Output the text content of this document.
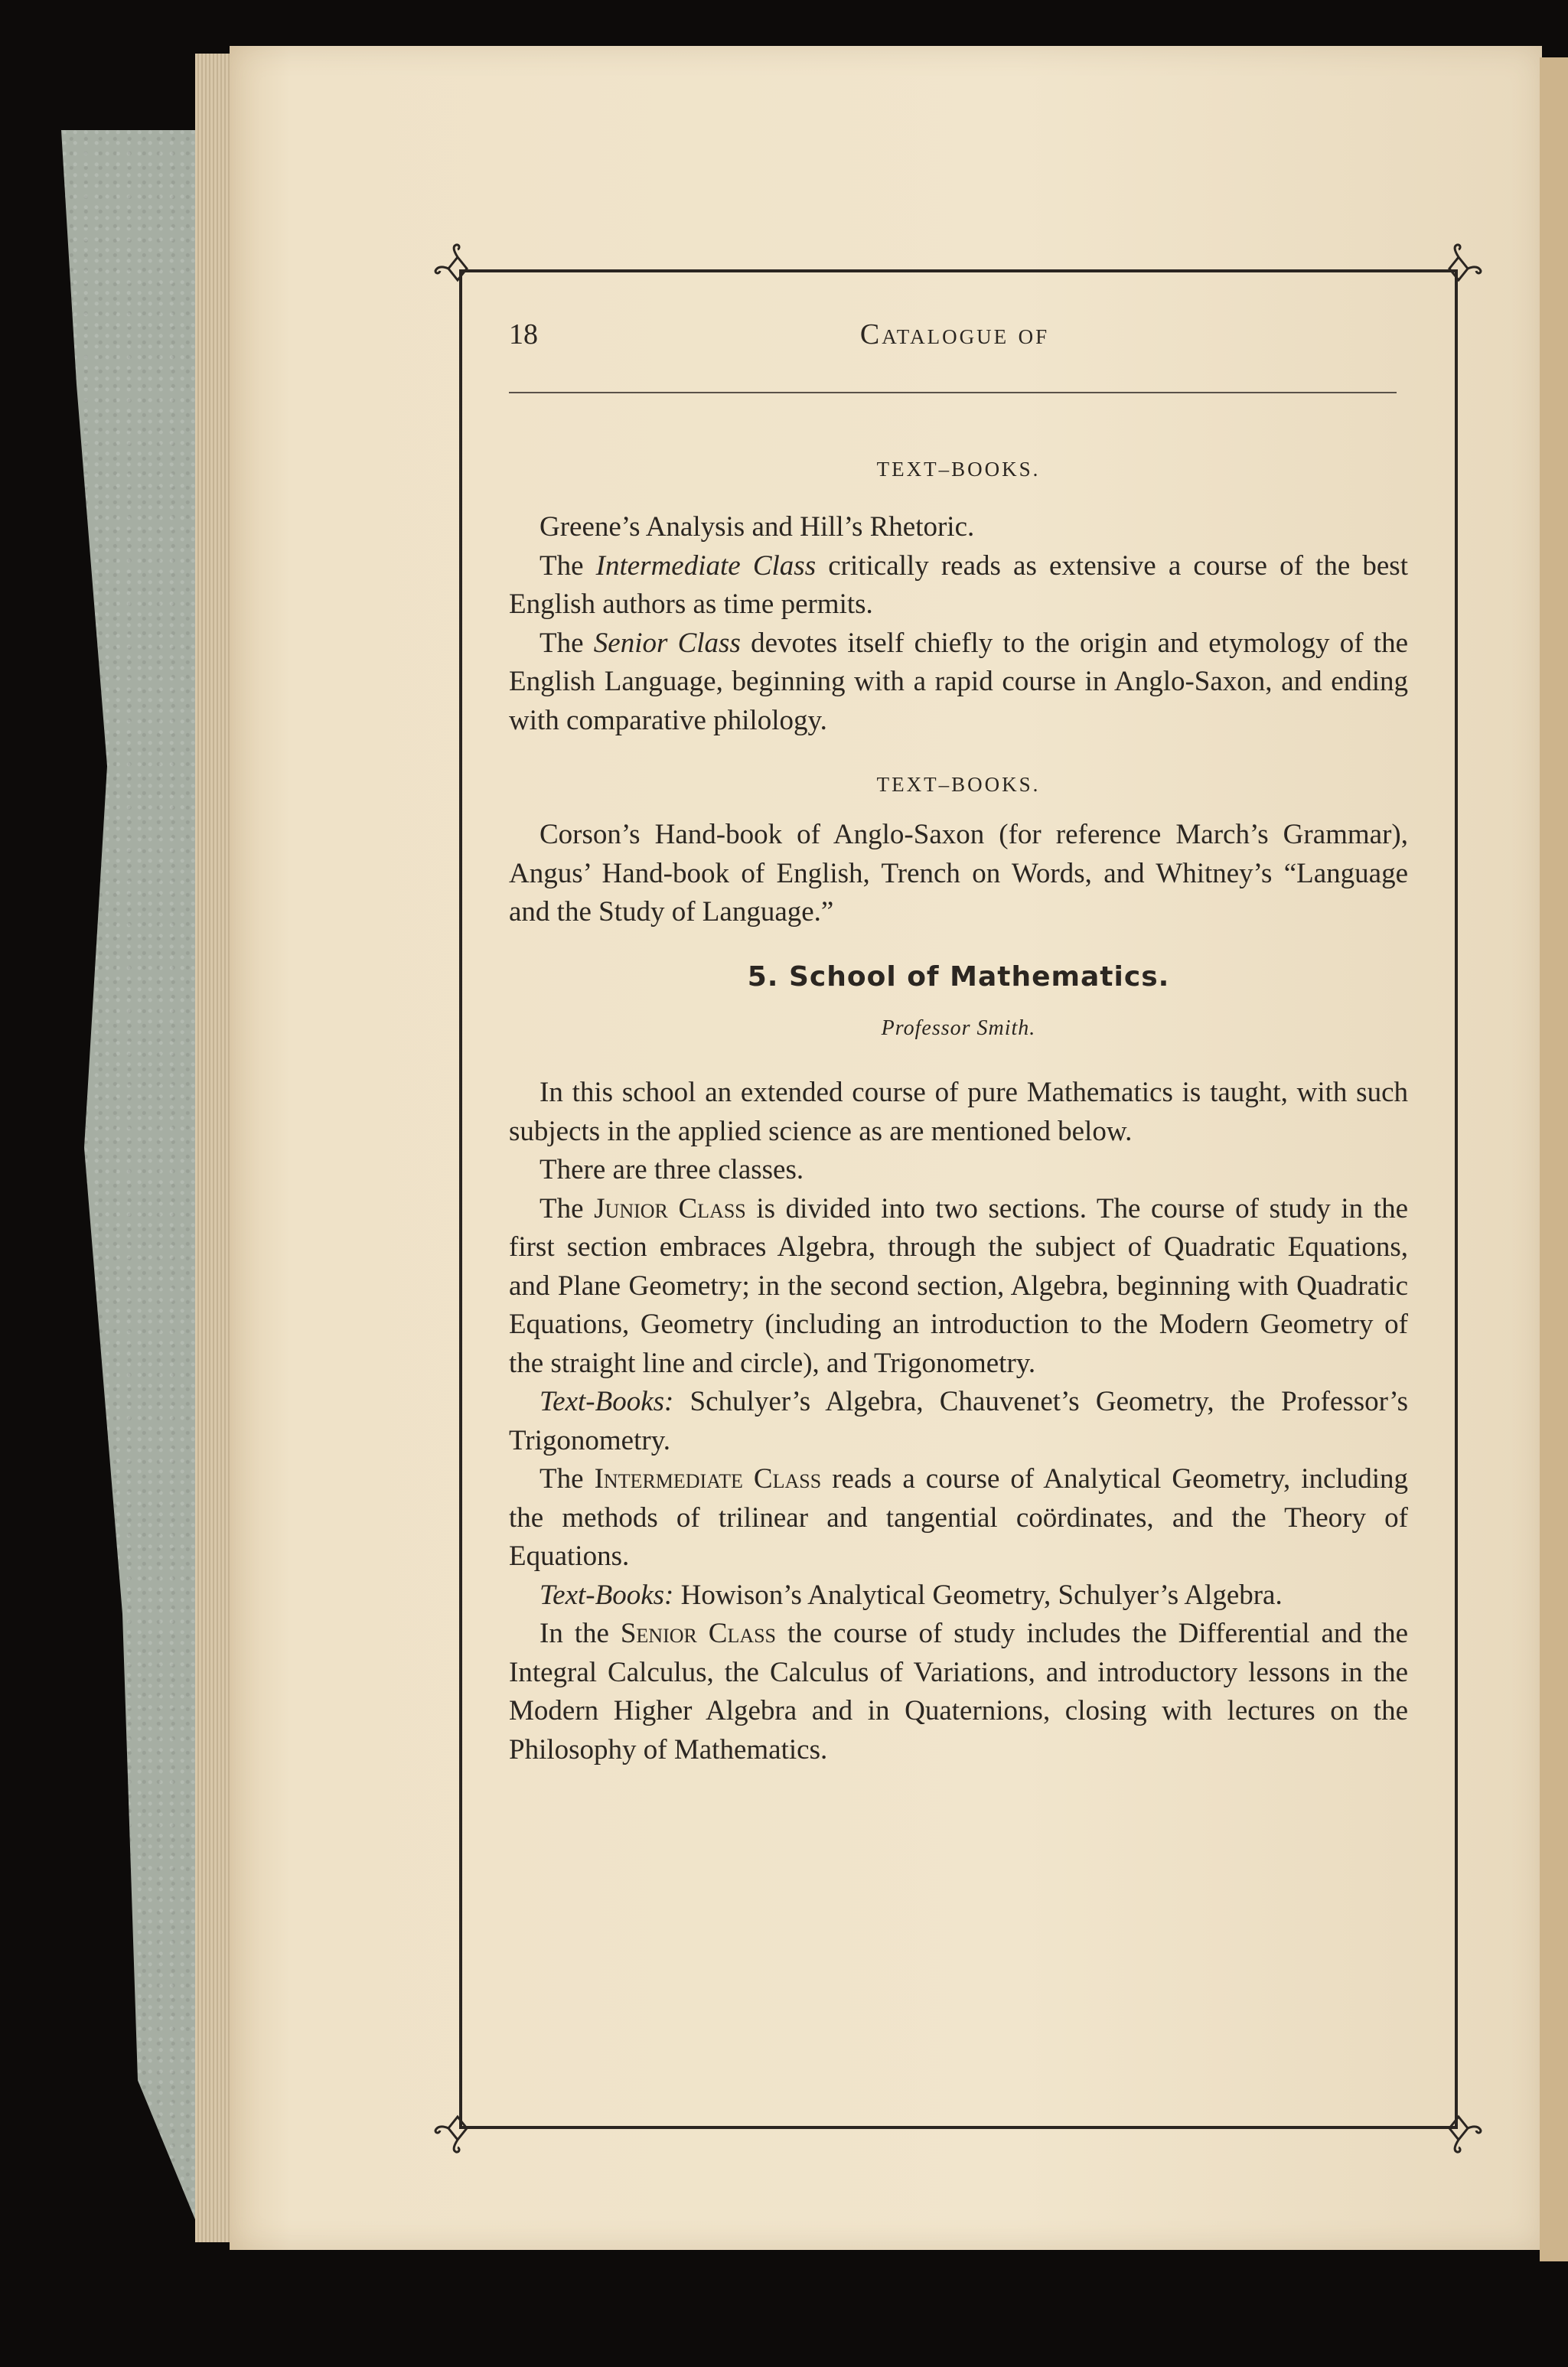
18	Catalogue of
TEXT–BOOKS.

Greene’s Analysis and Hill’s Rhetoric.

The Intermediate Class critically reads as extensive a course of the best English authors as time permits.

The Senior Class devotes itself chiefly to the origin and etymology of the English Language, beginning with a rapid course in Anglo-Saxon, and ending with comparative philology.

TEXT–BOOKS.

Corson’s Hand-book of Anglo-Saxon (for reference March’s Grammar), Angus’ Hand-book of English, Trench on Words, and Whitney’s “Language and the Study of Language.”

5. School of Mathematics.
Professor Smith.

In this school an extended course of pure Mathematics is taught, with such subjects in the applied science as are mentioned below.

There are three classes.

The Junior Class is divided into two sections. The course of study in the first section embraces Algebra, through the subject of Quadratic Equations, and Plane Geometry; in the second section, Algebra, beginning with Quadratic Equations, Geometry (including an introduction to the Modern Geometry of the straight line and circle), and Trigonometry.

Text-Books: Schulyer’s Algebra, Chauvenet’s Geometry, the Professor’s Trigonometry.

The Intermediate Class reads a course of Analytical Geometry, including the methods of trilinear and tangential coördinates, and the Theory of Equations.

Text-Books: Howison’s Analytical Geometry, Schulyer’s Algebra.

In the Senior Class the course of study includes the Differential and the Integral Calculus, the Calculus of Variations, and introductory lessons in the Modern Higher Algebra and in Quaternions, closing with lectures on the Philosophy of Mathematics.
